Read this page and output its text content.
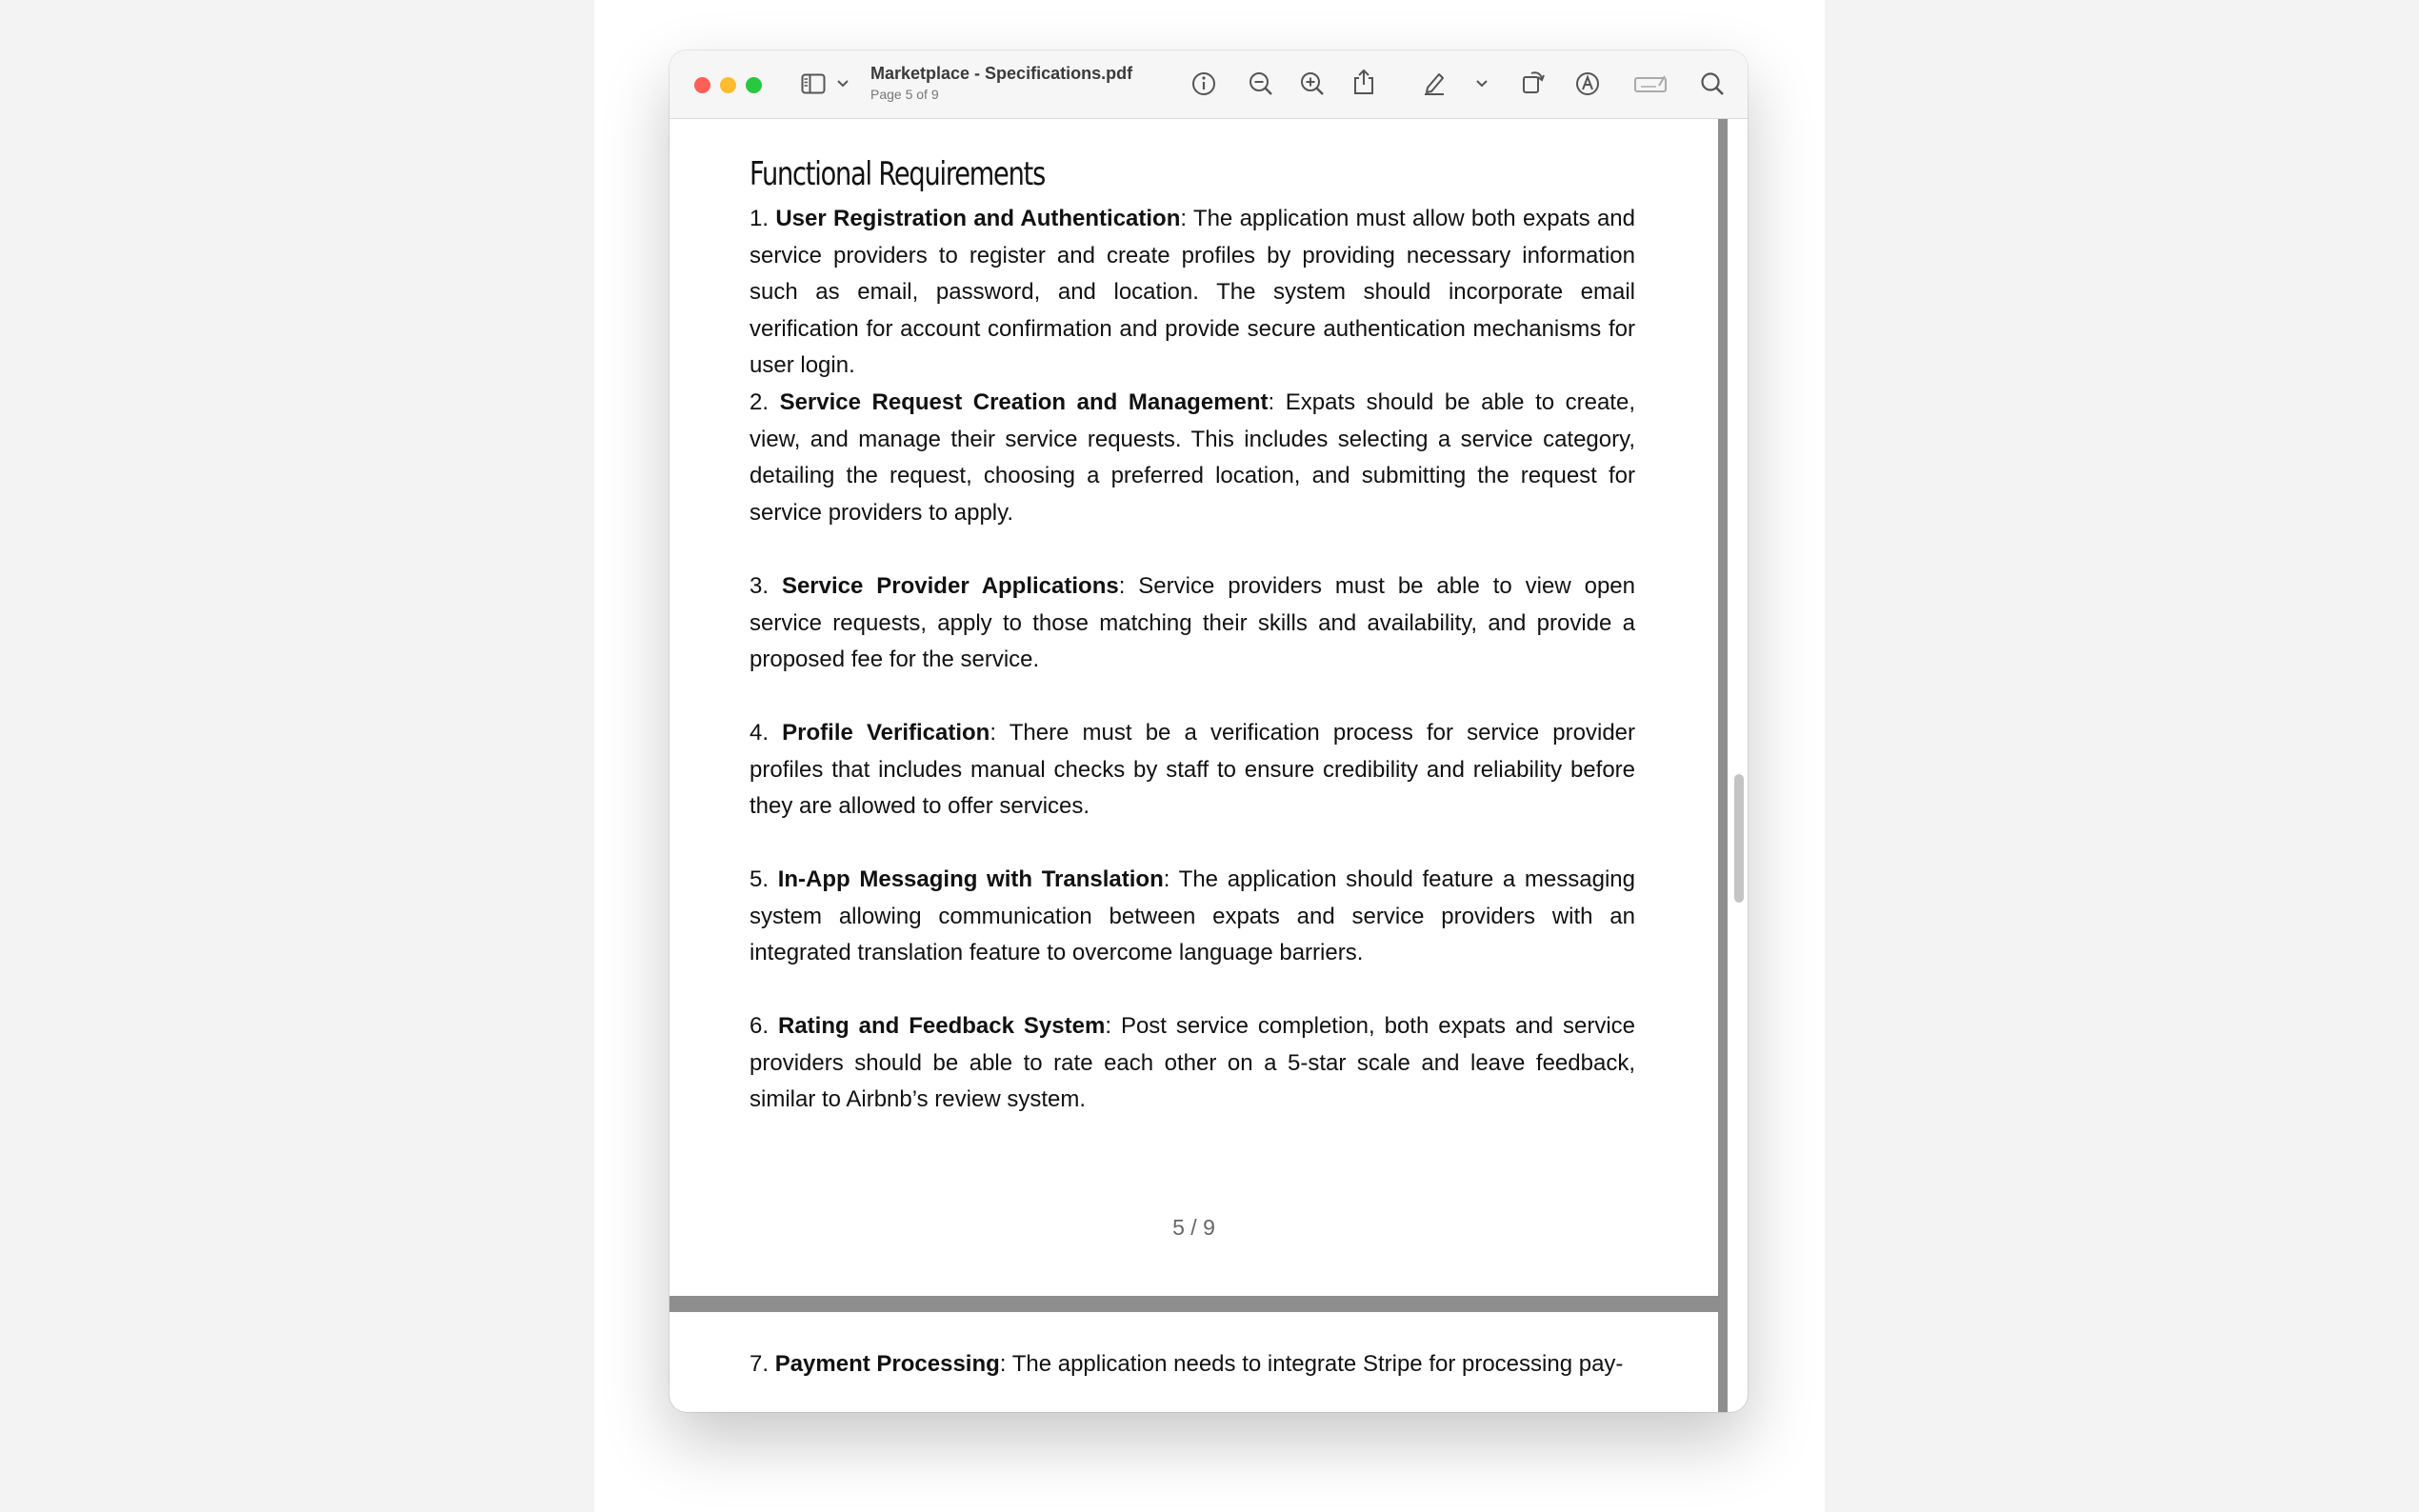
Marketplace - Specifications.pdf
Page 5 of 9
Functional Requirements

1. User Registration and Authentication: The application must allow both expats and service providers to register and create profiles by providing necessary information such as email, password, and location. The system should incorporate email verification for account confirmation and provide secure authentication mechanisms for user login.

2. Service Request Creation and Management: Expats should be able to create, view, and manage their service requests. This includes selecting a service category, detailing the request, choosing a preferred location, and submitting the request for service providers to apply.

3. Service Provider Applications: Service providers must be able to view open service requests, apply to those matching their skills and availability, and provide a proposed fee for the service.

4. Profile Verification: There must be a verification process for service provider profiles that includes manual checks by staff to ensure credibility and reliability before they are allowed to offer services.

5. In-App Messaging with Translation: The application should feature a messaging system allowing communication between expats and service providers with an integrated translation feature to overcome language barriers.

6. Rating and Feedback System: Post service completion, both expats and service providers should be able to rate each other on a 5-star scale and leave feedback, similar to Airbnb’s review system.

5 / 9

7. Payment Processing: The application needs to integrate Stripe for processing pay-
